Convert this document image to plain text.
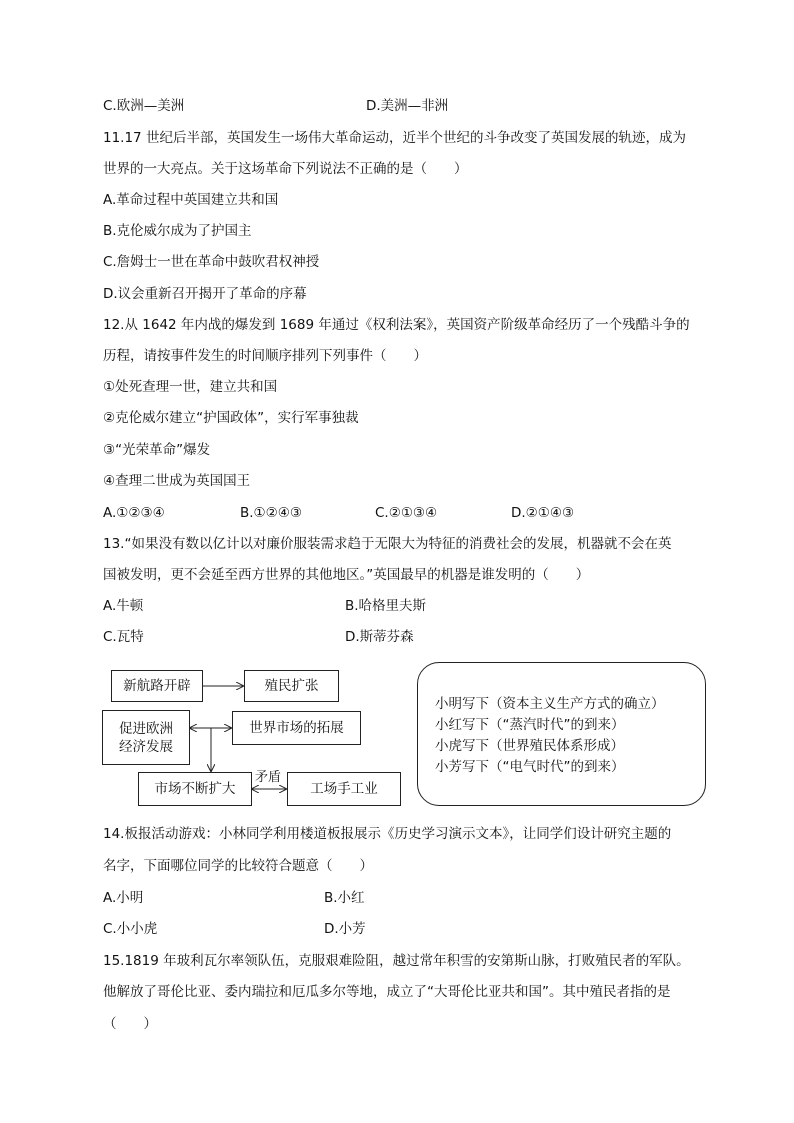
C.欧洲—美洲	D.美洲—非洲
11.17 世纪后半部，英国发生一场伟大革命运动，近半个世纪的斗争改变了英国发展的轨迹，成为
世界的一大亮点。关于这场革命下列说法不正确的是（　　）
A.革命过程中英国建立共和国
B.克伦威尔成为了护国主
C.詹姆士一世在革命中鼓吹君权神授
D.议会重新召开揭开了革命的序幕
12.从 1642 年内战的爆发到 1689 年通过《权利法案》，英国资产阶级革命经历了一个残酷斗争的
历程，请按事件发生的时间顺序排列下列事件（　　）
①处死查理一世，建立共和国
②克伦威尔建立“护国政体”，实行军事独裁
③“光荣革命”爆发
④查理二世成为英国国王
A.①②③④	B.①②④③	C.②①③④	D.②①④③
13.“如果没有数以亿计以对廉价服装需求趋于无限大为特征的消费社会的发展，机器就不会在英
国被发明，更不会延至西方世界的其他地区。”英国最早的机器是谁发明的（　　）
A.牛顿	B.哈格里夫斯
C.瓦特	D.斯蒂芬森
新航路开辟	殖民扩张
促进欧洲
经济发展
世界市场的拓展
市场不断扩大	工场手工业
矛盾
小明写下（资本主义生产方式的确立）
小红写下（“蒸汽时代”的到来）
小虎写下（世界殖民体系形成）
小芳写下（“电气时代”的到来）
14.板报活动游戏：小林同学利用楼道板报展示《历史学习演示文本》，让同学们设计研究主题的
名字，下面哪位同学的比较符合题意（　　）
A.小明	B.小红
C.小小虎	D.小芳
15.1819 年玻利瓦尔率领队伍，克服艰难险阻，越过常年积雪的安第斯山脉，打败殖民者的军队。
他解放了哥伦比亚、委内瑞拉和厄瓜多尔等地，成立了“大哥伦比亚共和国”。其中殖民者指的是
（　　）
